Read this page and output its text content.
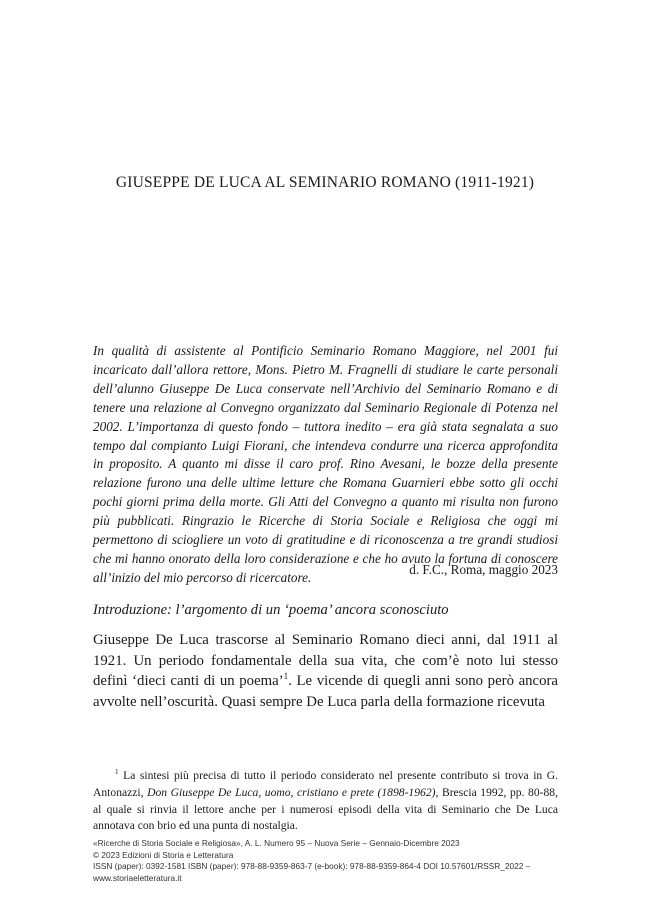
GIUSEPPE DE LUCA AL SEMINARIO ROMANO (1911-1921)

In qualità di assistente al Pontificio Seminario Romano Maggiore, nel 2001 fui incaricato dall’allora rettore, Mons. Pietro M. Fragnelli di studiare le carte personali dell’alunno Giuseppe De Luca conservate nell’Archivio del Seminario Romano e di tenere una relazione al Convegno organizzato dal Seminario Regionale di Potenza nel 2002. L’importanza di questo fondo – tuttora inedito – era già stata segnalata a suo tempo dal compianto Luigi Fiorani, che intendeva condurre una ricerca approfondita in proposito. A quanto mi disse il caro prof. Rino Avesani, le bozze della presente relazione furono una delle ultime letture che Romana Guarnieri ebbe sotto gli occhi pochi giorni prima della morte. Gli Atti del Convegno a quanto mi risulta non furono più pubblicati. Ringrazio le Ricerche di Storia Sociale e Religiosa che oggi mi permettono di sciogliere un voto di gratitudine e di riconoscenza a tre grandi studiosi che mi hanno onorato della loro considerazione e che ho avuto la fortuna di conoscere all’inizio del mio percorso di ricercatore.

d. F.C., Roma, maggio 2023
Introduzione: l’argomento di un ‘poema’ ancora sconosciuto

Giuseppe De Luca trascorse al Seminario Romano dieci anni, dal 1911 al 1921. Un periodo fondamentale della sua vita, che com’è noto lui stesso definì ‘dieci canti di un poema’$^1$. Le vicende di quegli anni sono però ancora avvolte nell’oscurità. Quasi sempre De Luca parla della formazione ricevuta

$^1$ La sintesi più precisa di tutto il periodo considerato nel presente contributo si trova in G. Antonazzi, Don Giuseppe De Luca, uomo, cristiano e prete (1898-1962), Brescia 1992, pp. 80-88, al quale si rinvia il lettore anche per i numerosi episodi della vita di Seminario che De Luca annotava con brio ed una punta di nostalgia.

«Ricerche di Storia Sociale e Religiosa», A. L. Numero 95 – Nuova Serie – Gennaio-Dicembre 2023
© 2023 Edizioni di Storia e Letteratura
ISSN (paper): 0392-1581 ISBN (paper): 978-88-9359-863-7 (e-book): 978-88-9359-864-4 DOI 10.57601/RSSR_2022 –
www.storiaeletteratura.it
